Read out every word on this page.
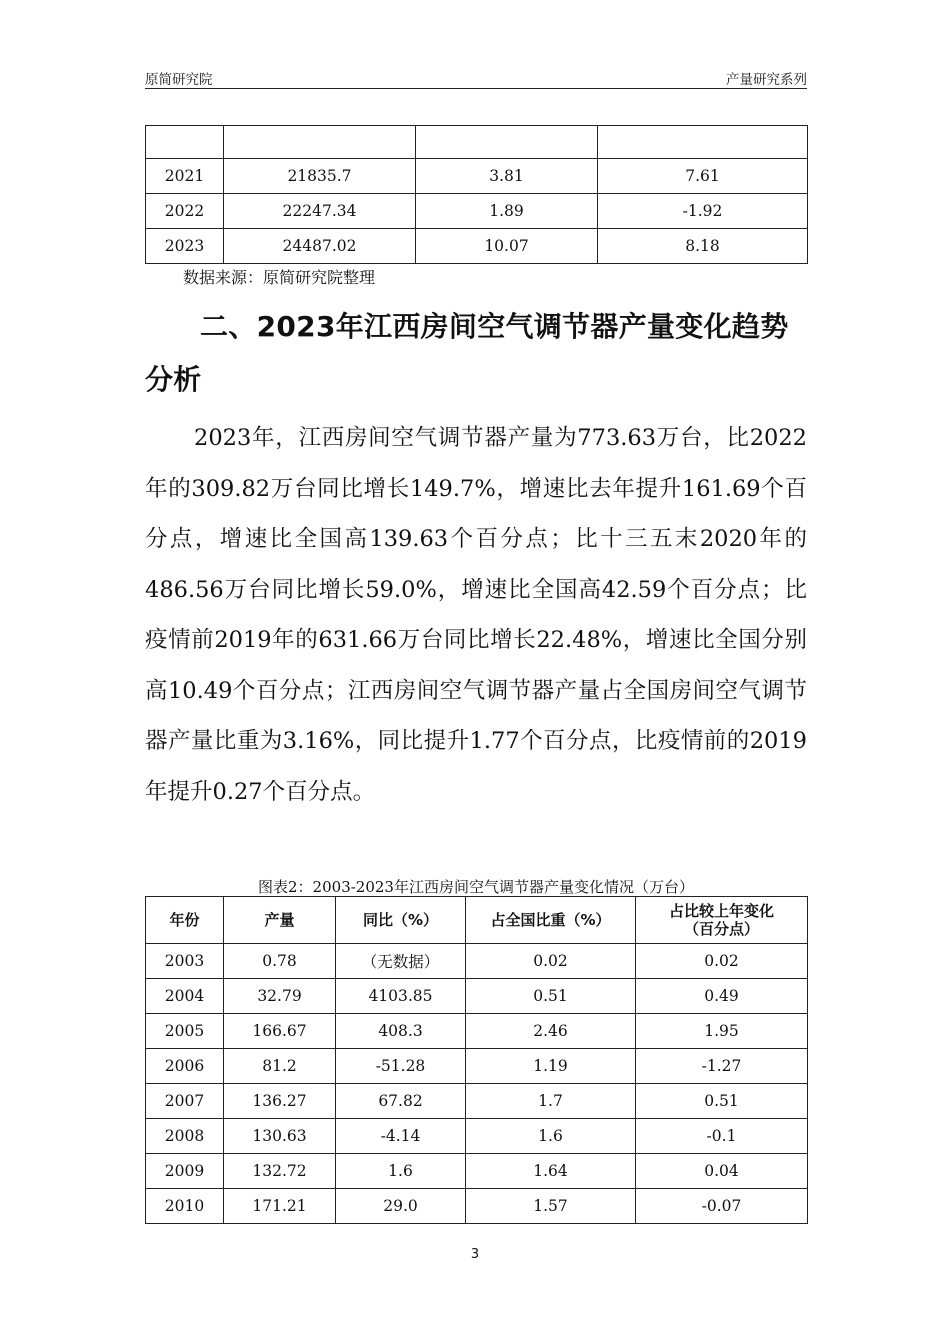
原简研究院	产量研究系列

2021	21835.7	3.81	7.61
2022	22247.34	1.89	-1.92
2023	24487.02	10.07	8.18
数据来源：原简研究院整理
二、2023年江西房间空气调节器产量变化趋势分析

2023年，江西房间空气调节器产量为773.63万台，比2022年的309.82万台同比增长149.7%，增速比去年提升161.69个百分点，增速比全国高139.63个百分点；比十三五末2020年的486.56万台同比增长59.0%，增速比全国高42.59个百分点；比疫情前2019年的631.66万台同比增长22.48%，增速比全国分别高10.49个百分点；江西房间空气调节器产量占全国房间空气调节器产量比重为3.16%，同比提升1.77个百分点，比疫情前的2019年提升0.27个百分点。

图表2：2003-2023年江西房间空气调节器产量变化情况（万台）
年份	产量	同比（%）	占全国比重（%）	占比较上年变化
（百分点）
2003	0.78	（无数据）	0.02	0.02
2004	32.79	4103.85	0.51	0.49
2005	166.67	408.3	2.46	1.95
2006	81.2	-51.28	1.19	-1.27
2007	136.27	67.82	1.7	0.51
2008	130.63	-4.14	1.6	-0.1
2009	132.72	1.6	1.64	0.04
2010	171.21	29.0	1.57	-0.07
3
